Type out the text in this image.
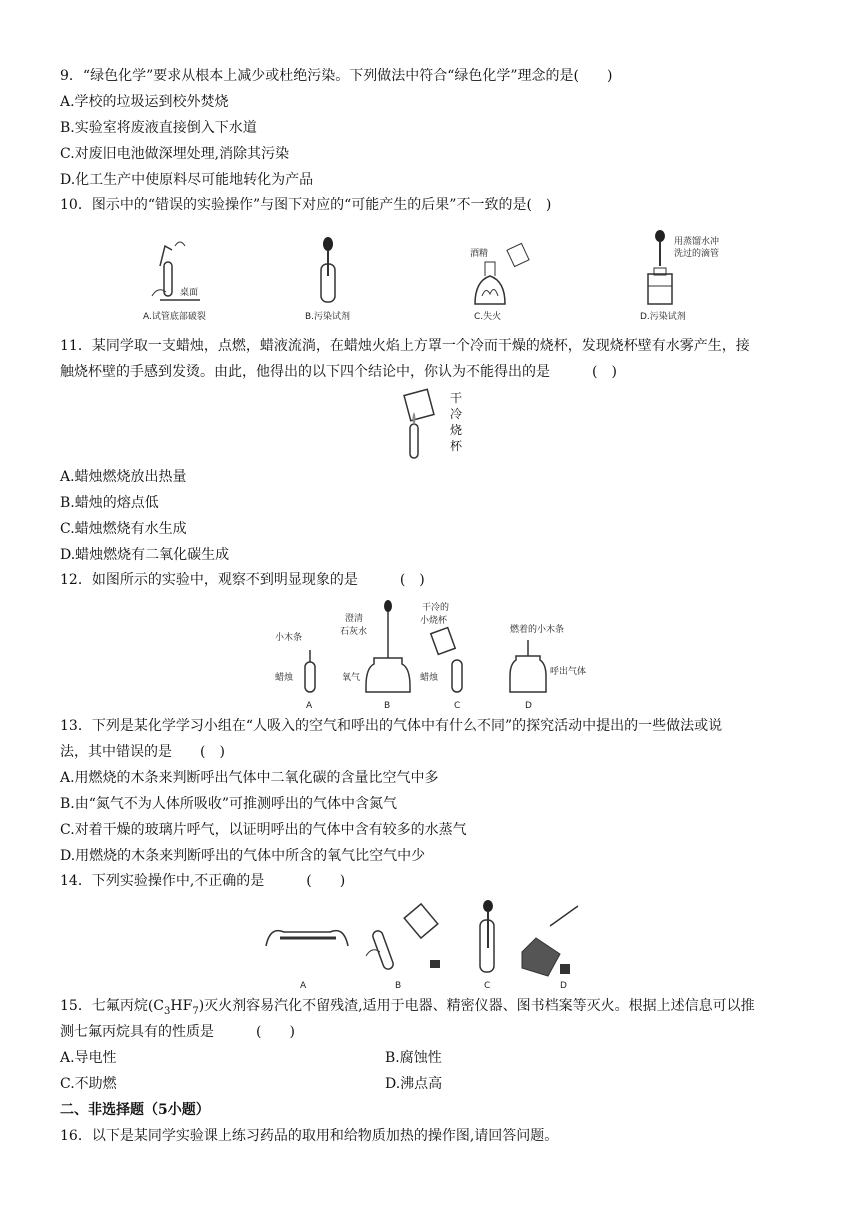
9．“绿色化学”要求从根本上减少或杜绝污染。下列做法中符合“绿色化学”理念的是(　　)
A.学校的垃圾运到校外焚烧
B.实验室将废液直接倒入下水道
C.对废旧电池做深埋处理,消除其污染
D.化工生产中使原料尽可能地转化为产品
10．图示中的“错误的实验操作”与图下对应的“可能产生的后果”不一致的是(　)
桌面
A.试管底部破裂	B.污染试剂
酒精
C.失火
用蒸馏水冲
洗过的滴管
D.污染试剂
11．某同学取一支蜡烛，点燃，蜡液流淌，在蜡烛火焰上方罩一个冷而干燥的烧杯，发现烧杯壁有水雾产生，接
触烧杯壁的手感到发烫。由此，他得出的以下四个结论中，你认为不能得出的是　　　(　)
干
冷
烧
杯
A.蜡烛燃烧放出热量
B.蜡烛的熔点低
C.蜡烛燃烧有水生成
D.蜡烛燃烧有二氧化碳生成
12．如图所示的实验中，观察不到明显现象的是　　　(　)
小木条
蜡烛
A
澄清
石灰水
氧气
B
干冷的
小烧杯
蜡烛
C
燃着的小木条
呼出气体
D
13．下列是某化学学习小组在“人吸入的空气和呼出的气体中有什么不同”的探究活动中提出的一些做法或说
法，其中错误的是　　(　)
A.用燃烧的木条来判断呼出气体中二氧化碳的含量比空气中多
B.由“氮气不为人体所吸收”可推测呼出的气体中含氮气
C.对着干燥的玻璃片呼气，以证明呼出的气体中含有较多的水蒸气
D.用燃烧的木条来判断呼出的气体中所含的氧气比空气中少
14．下列实验操作中,不正确的是　　　(　　)
A	B	C	D
15．七氟丙烷$(C_3HF_7)$灭火剂容易汽化不留残渣,适用于电器、精密仪器、图书档案等灭火。根据上述信息可以推
测七氟丙烷具有的性质是　　　(　　)
A.导电性	B.腐蚀性
C.不助燃	D.沸点高
二、非选择题（5小题）
16．以下是某同学实验课上练习药品的取用和给物质加热的操作图,请回答问题。
